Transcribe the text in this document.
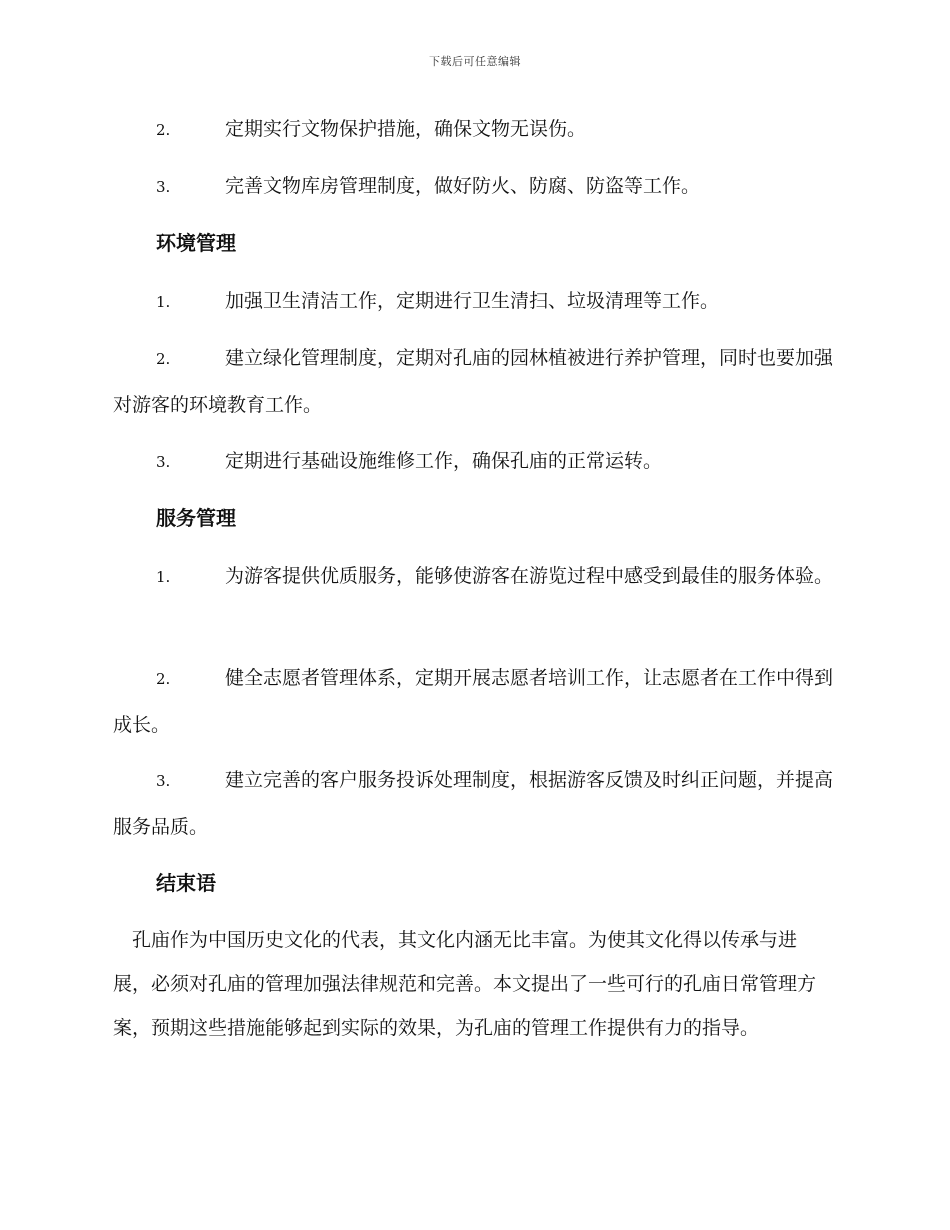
下载后可任意编辑
2.	定期实行文物保护措施，确保文物无误伤。
3.	完善文物库房管理制度，做好防火、防腐、防盗等工作。
环境管理
1.	加强卫生清洁工作，定期进行卫生清扫、垃圾清理等工作。
2.	建立绿化管理制度，定期对孔庙的园林植被进行养护管理，同时也要加强对游客的环境教育工作。
3.	定期进行基础设施维修工作，确保孔庙的正常运转。
服务管理
1.	为游客提供优质服务，能够使游客在游览过程中感受到最佳的服务体验。
2.	健全志愿者管理体系，定期开展志愿者培训工作，让志愿者在工作中得到成长。
3.	建立完善的客户服务投诉处理制度，根据游客反馈及时纠正问题，并提高服务品质。
结束语
孔庙作为中国历史文化的代表，其文化内涵无比丰富。为使其文化得以传承与进展，必须对孔庙的管理加强法律规范和完善。本文提出了一些可行的孔庙日常管理方案，预期这些措施能够起到实际的效果，为孔庙的管理工作提供有力的指导。
